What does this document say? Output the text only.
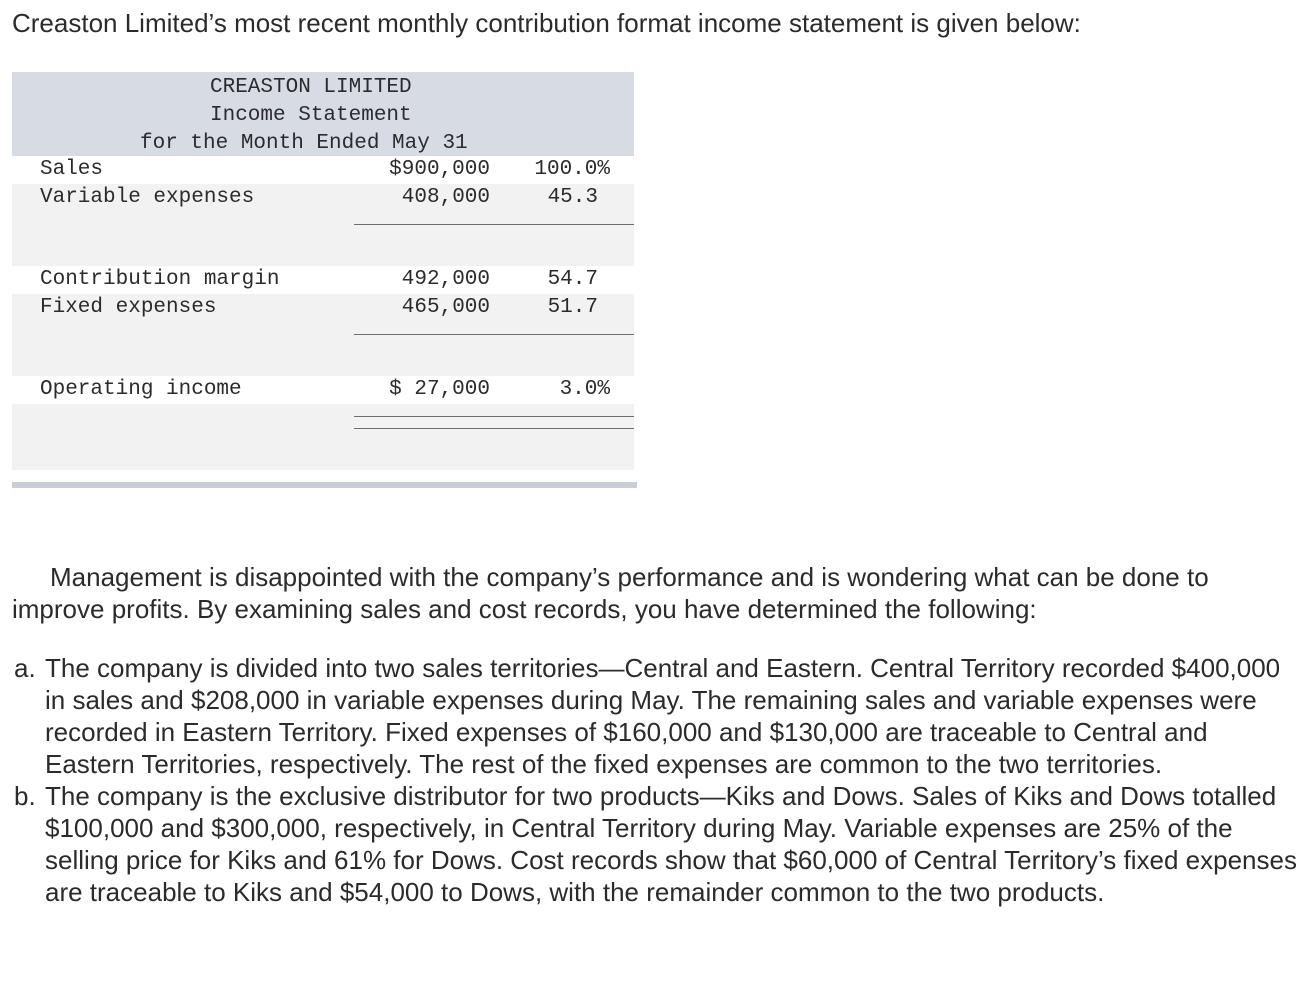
Creaston Limited’s most recent monthly contribution format income statement is given below:
CREASTON LIMITED
Income Statement
for the Month Ended May 31
Sales	$900,000 100.0%
Variable expenses	408,000	45.3
Contribution margin	492,000	54.7
Fixed expenses	465,000	51.7
Operating income	$ 27,000	3.0%
Management is disappointed with the company’s performance and is wondering what can be done to improve profits. By examining sales and cost records, you have determined the following:
a. The company is divided into two sales territories—Central and Eastern. Central Territory recorded $400,000 in sales and $208,000 in variable expenses during May. The remaining sales and variable expenses were recorded in Eastern Territory. Fixed expenses of $160,000 and $130,000 are traceable to Central and Eastern Territories, respectively. The rest of the fixed expenses are common to the two territories.
b. The company is the exclusive distributor for two products—Kiks and Dows. Sales of Kiks and Dows totalled $100,000 and $300,000, respectively, in Central Territory during May. Variable expenses are 25% of the selling price for Kiks and 61% for Dows. Cost records show that $60,000 of Central Territory’s fixed expenses are traceable to Kiks and $54,000 to Dows, with the remainder common to the two products.
